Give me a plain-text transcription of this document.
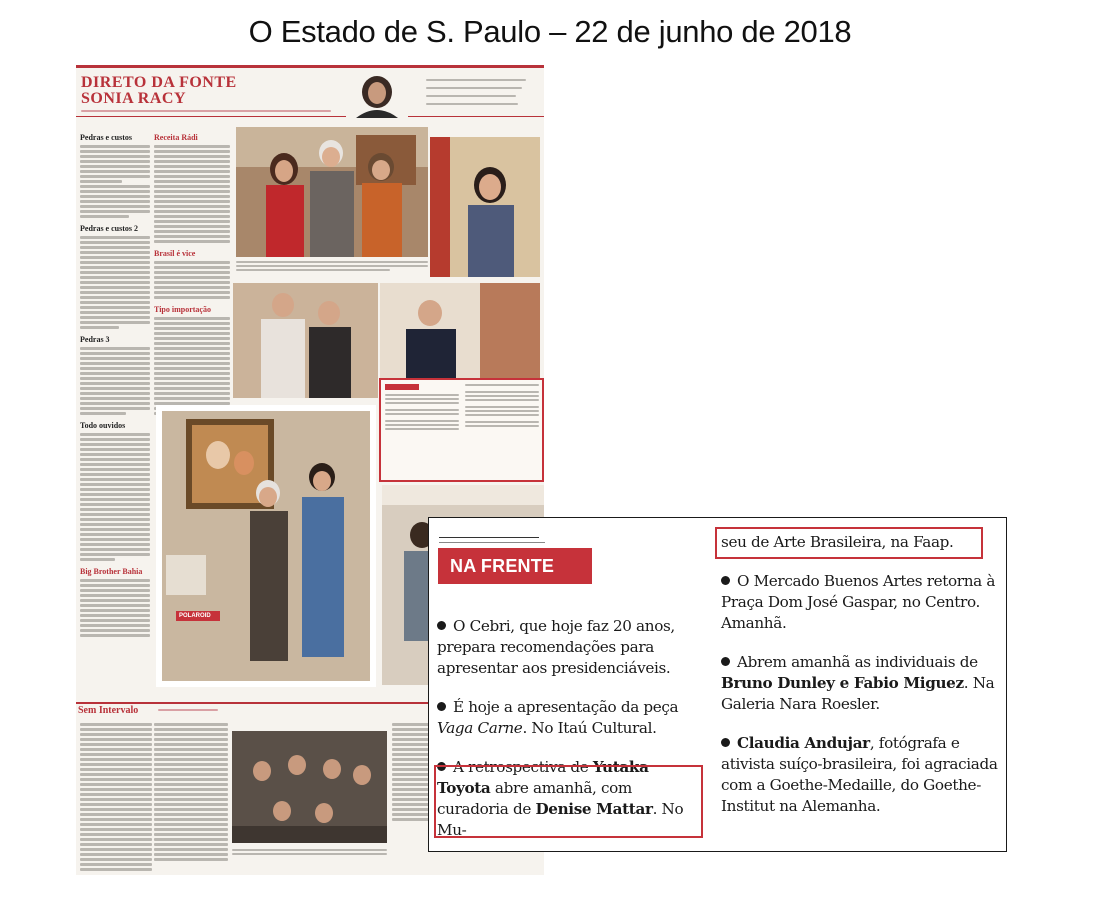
O Estado de S. Paulo – 22 de junho de 2018
DIRETO DA FONTE
SONIA RACY
Pedras e custos
Pedras e custos 2
Pedras 3
Todo ouvidos
Big Brother Bahia
Receita Rádi
Brasil é vice
Tipo importação
POLAROID
Sem Intervalo
NA FRENTE
O Cebri, que hoje faz 20 anos, prepara recomendações para apresentar aos presidenciáveis.
É hoje a apresentação da peça Vaga Carne. No Itaú Cultural.
A retrospectiva de Yutaka Toyota abre amanhã, com curadoria de Denise Mattar. No Mu-
seu de Arte Brasileira, na Faap.
O Mercado Buenos Artes retorna à Praça Dom José Gaspar, no Centro. Amanhã.
Abrem amanhã as individuais de Bruno Dunley e Fabio Miguez. Na Galeria Nara Roesler.
Claudia Andujar, fotógrafa e ativista suíço-brasileira, foi agraciada com a Goethe-Medaille, do Goethe-Institut na Alemanha.
